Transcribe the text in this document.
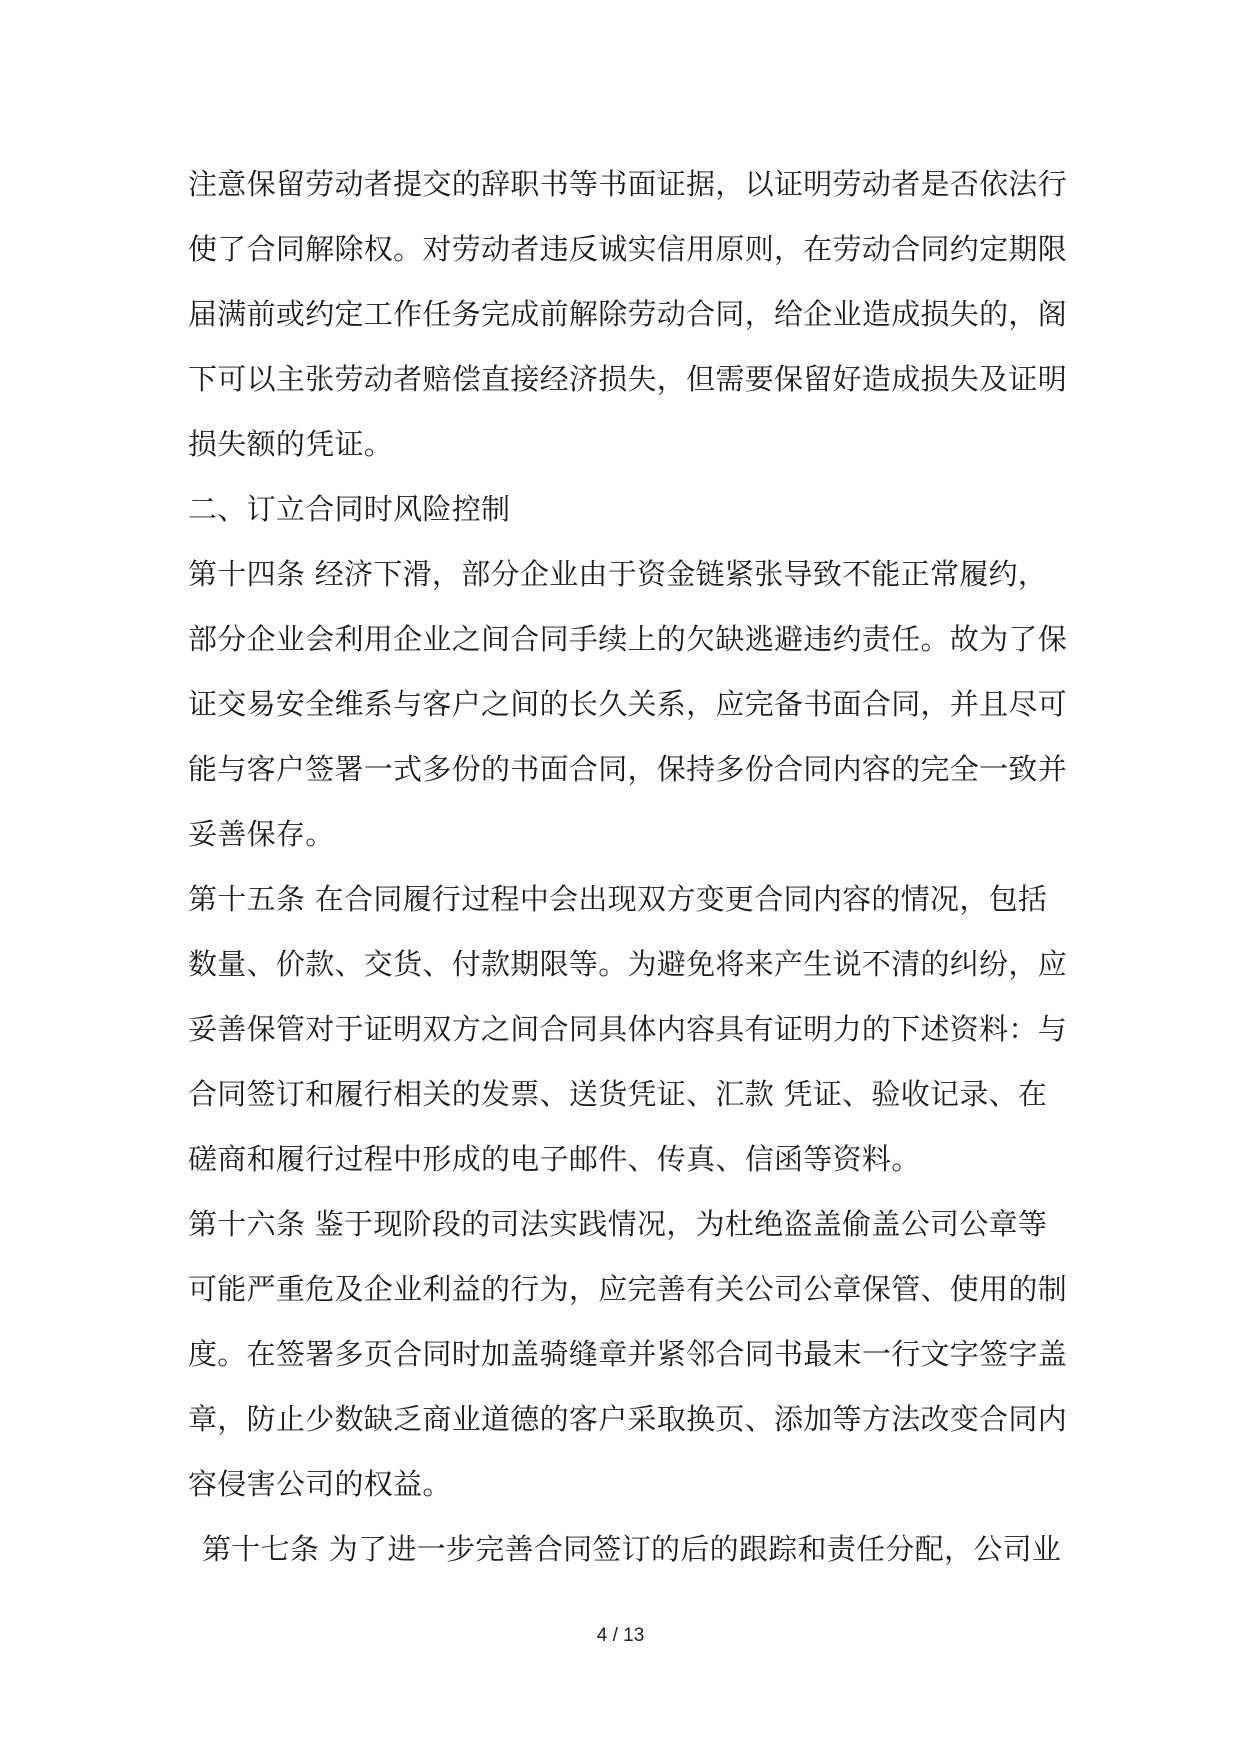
注意保留劳动者提交的辞职书等书面证据，以证明劳动者是否依法行
使了合同解除权。对劳动者违反诚实信用原则，在劳动合同约定期限
届满前或约定工作任务完成前解除劳动合同，给企业造成损失的，阁
下可以主张劳动者赔偿直接经济损失，但需要保留好造成损失及证明
损失额的凭证。
二、订立合同时风险控制
第十四条 经济下滑，部分企业由于资金链紧张导致不能正常履约，
部分企业会利用企业之间合同手续上的欠缺逃避违约责任。故为了保
证交易安全维系与客户之间的长久关系，应完备书面合同，并且尽可
能与客户签署一式多份的书面合同，保持多份合同内容的完全一致并
妥善保存。
第十五条 在合同履行过程中会出现双方变更合同内容的情况，包括
数量、价款、交货、付款期限等。为避免将来产生说不清的纠纷，应
妥善保管对于证明双方之间合同具体内容具有证明力的下述资料：与
合同签订和履行相关的发票、送货凭证、汇款 凭证、验收记录、在
磋商和履行过程中形成的电子邮件、传真、信函等资料。
第十六条 鉴于现阶段的司法实践情况，为杜绝盗盖偷盖公司公章等
可能严重危及企业利益的行为，应完善有关公司公章保管、使用的制
度。在签署多页合同时加盖骑缝章并紧邻合同书最末一行文字签字盖
章，防止少数缺乏商业道德的客户采取换页、添加等方法改变合同内
容侵害公司的权益。
第十七条 为了进一步完善合同签订的后的跟踪和责任分配，公司业
4 / 13
